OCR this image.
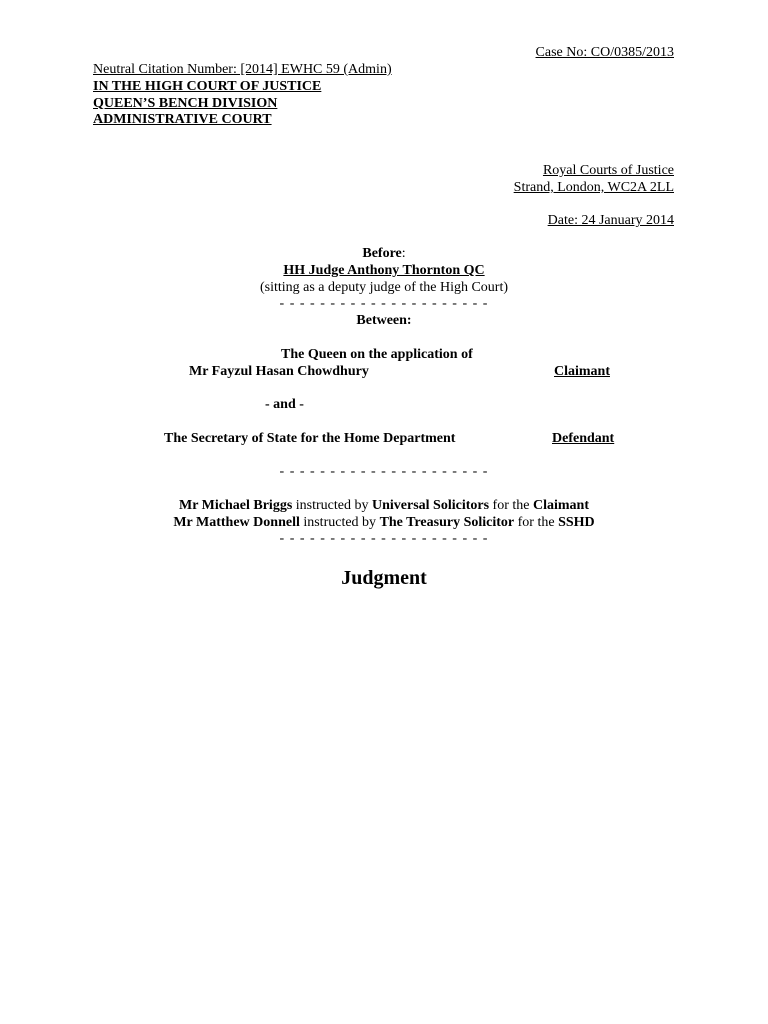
Case No: CO/0385/2013
Neutral Citation Number: [2014] EWHC 59 (Admin)
IN THE HIGH COURT OF JUSTICE
QUEEN’S BENCH DIVISION
ADMINISTRATIVE COURT
Royal Courts of Justice
Strand, London, WC2A 2LL
Date: 24 January 2014
Before:
HH Judge Anthony Thornton QC
(sitting as a deputy judge of the High Court)
- - - - - - - - - - - - - - - - - - - - -
Between:
The Queen on the application of
Mr Fayzul Hasan Chowdhury	Claimant
- and -
The Secretary of State for the Home Department	Defendant
- - - - - - - - - - - - - - - - - - - - -
Mr Michael Briggs instructed by Universal Solicitors for the Claimant
Mr Matthew Donnell instructed by The Treasury Solicitor for the SSHD
- - - - - - - - - - - - - - - - - - - - -
Judgment
